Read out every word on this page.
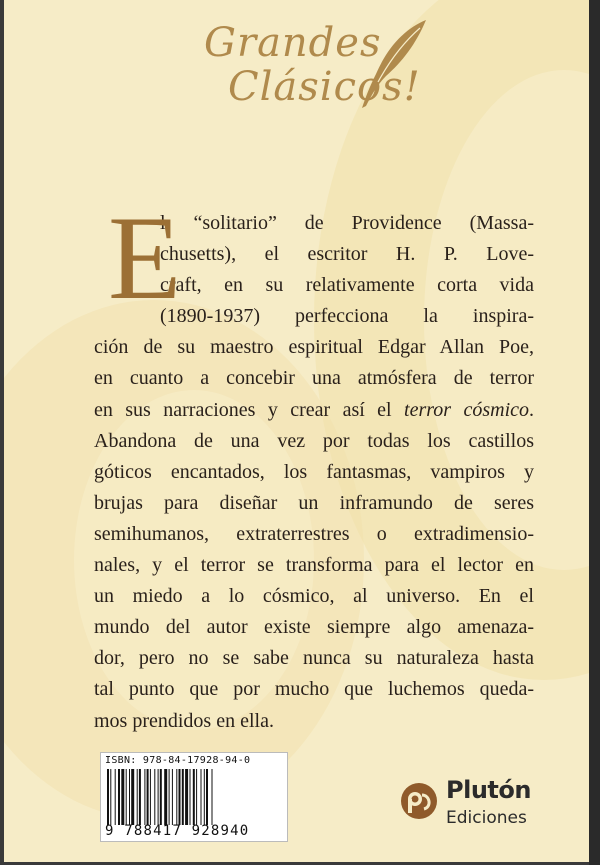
Grandes
Clásicos!
E
l “solitario” de Providence (Massa-
chusetts), el escritor H. P. Love-
craft, en su relativamente corta vida
(1890-1937) perfecciona la inspira-
ción de su maestro espiritual Edgar Allan Poe,
en cuanto a concebir una atmósfera de terror
en sus narraciones y crear así el terror cósmico.
Abandona de una vez por todas los castillos
góticos encantados, los fantasmas, vampiros y
brujas para diseñar un inframundo de seres
semihumanos, extraterrestres o extradimensio-
nales, y el terror se transforma para el lector en
un miedo a lo cósmico, al universo. En el
mundo del autor existe siempre algo amenaza-
dor, pero no se sabe nunca su naturaleza hasta
tal punto que por mucho que luchemos queda-
mos prendidos en ella.
ISBN: 978-84-17928-94-0
9 788417 928940
Plutón
Ediciones
